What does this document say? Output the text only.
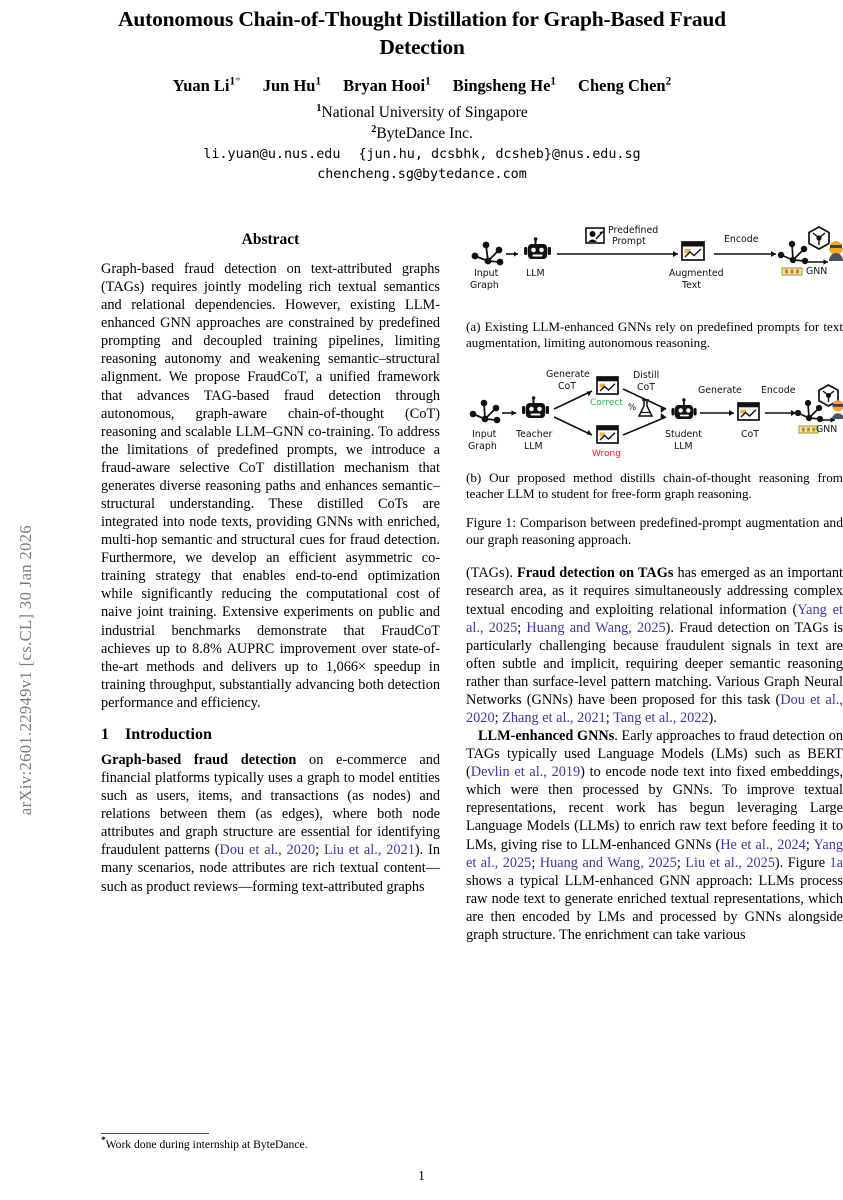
arXiv:2601.22949v1 [cs.CL] 30 Jan 2026
Autonomous Chain-of-Thought Distillation for Graph-Based Fraud Detection
Yuan $Li^{1*}$ Jun Hu$^1$ Bryan Hooi$^1$ Bingsheng He$^1$ Cheng Chen$^2$
$^1$National University of Singapore
$^2$ByteDance Inc.
li.yuan@u.nus.edu {jun.hu, dcsbhk, dcsheb}@nus.edu.sg
chencheng.sg@bytedance.com
Abstract

Graph-based fraud detection on text-attributed graphs (TAGs) requires jointly modeling rich textual semantics and relational dependencies. However, existing LLM-enhanced GNN approaches are constrained by predefined prompting and decoupled training pipelines, limiting reasoning autonomy and weakening semantic–structural alignment. We propose FraudCoT, a unified framework that advances TAG-based fraud detection through autonomous, graph-aware chain-of-thought (CoT) reasoning and scalable LLM–GNN co-training. To address the limitations of predefined prompts, we introduce a fraud-aware selective CoT distillation mechanism that generates diverse reasoning paths and enhances semantic–structural understanding. These distilled CoTs are integrated into node texts, providing GNNs with enriched, multi-hop semantic and structural cues for fraud detection. Furthermore, we develop an efficient asymmetric co-training strategy that enables end-to-end optimization while significantly reducing the computational cost of naive joint training. Extensive experiments on public and industrial benchmarks demonstrate that FraudCoT achieves up to 8.8% AUPRC improvement over state-of-the-art methods and delivers up to 1,066× speedup in training throughput, substantially advancing both detection performance and efficiency.

1 Introduction

Graph-based fraud detection on e-commerce and financial platforms typically uses a graph to model entities such as users, items, and transactions (as nodes) and relations between them (as edges), where both node attributes and graph structure are essential for identifying fraudulent patterns (Dou et al., 2020; Liu et al., 2021). In many scenarios, node attributes are rich textual content—such as product reviews—forming text-attributed graphs

Input
Graph
LLM
Predefined
Prompt
Augmented
Text
Encode
GNN

(a) Existing LLM-enhanced GNNs rely on predefined prompts for text augmentation, limiting autonomous reasoning.

Input
Graph
Teacher
LLM
Generate
CoT
Correct
Wrong
Distill
CoT
%
Student
LLM
Generate
CoT
Encode
GNN

(b) Our proposed method distills chain-of-thought reasoning from teacher LLM to student for free-form graph reasoning.

Figure 1: Comparison between predefined-prompt augmentation and our graph reasoning approach.

(TAGs). Fraud detection on TAGs has emerged as an important research area, as it requires simultaneously addressing complex textual encoding and exploiting relational information (Yang et al., 2025; Huang and Wang, 2025). Fraud detection on TAGs is particularly challenging because fraudulent signals in text are often subtle and implicit, requiring deeper semantic reasoning rather than surface-level pattern matching. Various Graph Neural Networks (GNNs) have been proposed for this task (Dou et al., 2020; Zhang et al., 2021; Tang et al., 2022).

LLM-enhanced GNNs. Early approaches to fraud detection on TAGs typically used Language Models (LMs) such as BERT (Devlin et al., 2019) to encode node text into fixed embeddings, which were then processed by GNNs. To improve textual representations, recent work has begun leveraging Large Language Models (LLMs) to enrich raw text before feeding it to LMs, giving rise to LLM-enhanced GNNs (He et al., 2024; Yang et al., 2025; Huang and Wang, 2025; Liu et al., 2025). Figure 1a shows a typical LLM-enhanced GNN approach: LLMs process raw node text to generate enriched textual representations, which are then encoded by LMs and processed by GNNs alongside graph structure. The enrichment can take various

*Work done during internship at ByteDance.
1
